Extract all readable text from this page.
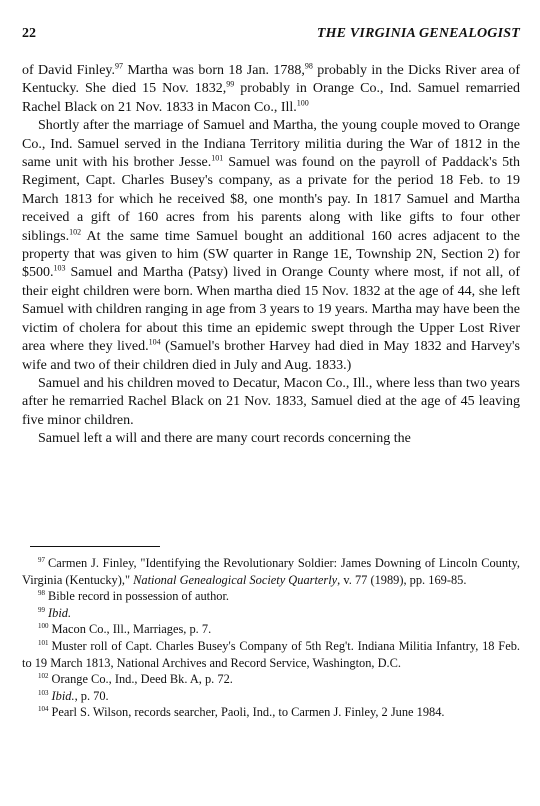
22	THE VIRGINIA GENEALOGIST

of David Finley.$^{97}$ Martha was born 18 Jan. 1788,98 probably in the Dicks River area of Kentucky. She died 15 Nov. 1832,99 probably in Orange Co., Ind. Samuel remarried Rachel Black on 21 Nov. 1833 in Macon Co., Ill.$^{100}$

Shortly after the marriage of Samuel and Martha, the young couple moved to Orange Co., Ind. Samuel served in the Indiana Territory militia during the War of 1812 in the same unit with his brother Jesse.$^{101}$ Samuel was found on the payroll of Paddack's 5th Regiment, Capt. Charles Busey's company, as a private for the period 18 Feb. to 19 March 1813 for which he received $8, one month's pay. In 1817 Samuel and Martha received a gift of 160 acres from his parents along with like gifts to four other siblings.$^{102}$ At the same time Samuel bought an additional 160 acres adjacent to the property that was given to him (SW quarter in Range 1E, Township 2N, Section 2) for $500.$^{103}$ Samuel and Martha (Patsy) lived in Orange County where most, if not all, of their eight children were born. When martha died 15 Nov. 1832 at the age of 44, she left Samuel with children ranging in age from 3 years to 19 years. Martha may have been the victim of cholera for about this time an epidemic swept through the Upper Lost River area where they lived.$^{104}$ (Samuel's brother Harvey had died in May 1832 and Harvey's wife and two of their children died in July and Aug. 1833.)

Samuel and his children moved to Decatur, Macon Co., Ill., where less than two years after he remarried Rachel Black on 21 Nov. 1833, Samuel died at the age of 45 leaving five minor children.

Samuel left a will and there are many court records concerning the

$^{97}$ Carmen J. Finley, "Identifying the Revolutionary Soldier: James Downing of Lincoln County, Virginia (Kentucky)," National Genealogical Society Quarterly, v. 77 (1989), pp. 169-85.
$^{98}$ Bible record in possession of author.
$^{99}$ Ibid.
$^{100}$ Macon Co., Ill., Marriages, p. 7.
$^{101}$ Muster roll of Capt. Charles Busey's Company of 5th Reg't. Indiana Militia Infantry, 18 Feb. to 19 March 1813, National Archives and Record Service, Washington, D.C.
$^{102}$ Orange Co., Ind., Deed Bk. A, p. 72.
$^{103}$ Ibid., p. 70.
$^{104}$ Pearl S. Wilson, records searcher, Paoli, Ind., to Carmen J. Finley, 2 June 1984.
